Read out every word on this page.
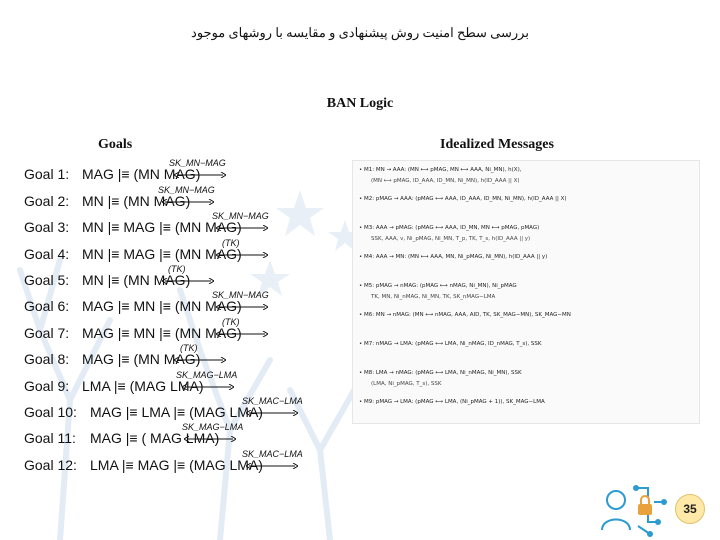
بررسی سطح امنیت روش پیشنهادی و مقایسه با روشهای موجود
BAN Logic
Goals	Idealized Messages
Goal 1: MAG |≡ (MN MAG)
SK_MN−MAG
Goal 2: MN |≡ (MN MAG)
SK_MN−MAG
Goal 3: MN |≡ MAG |≡ (MN MAG)
SK_MN−MAG
Goal 4: MN |≡ MAG |≡ (MN MAG)
(TK)
Goal 5: MN |≡ (MN MAG)
(TK)
Goal 6: MAG |≡ MN |≡ (MN MAG)
SK_MN−MAG
Goal 7: MAG |≡ MN |≡ (MN MAG)
(TK)
Goal 8: MAG |≡ (MN MAG)
(TK)
Goal 9: LMA |≡ (MAG LMA)
SK_MAG−LMA
Goal 10: MAG |≡ LMA |≡ (MAG LMA)
SK_MAC−LMA
Goal 11: MAG |≡ ( MAG LMA)
SK_MAG−LMA
Goal 12: LMA |≡ MAG |≡ (MAG LMA)
SK_MAC−LMA
• M1: MN → AAA: (MN ⟷ pMAG, MN ⟷ AAA, Ni_MN), h(X),
(MN ⟷ pMAG, ID_AAA, ID_MN, Ni_MN), h(ID_AAA || X)
• M2: pMAG → AAA: (pMAG ⟷ AAA, ID_AAA, ID_MN, Ni_MN), h(ID_AAA || X)
• M3: AAA → pMAG: (pMAG ⟷ AAA, ID_MN, MN ⟷ pMAG, pMAG)
SSK, AAA, v, Ni_pMAG, Ni_MN, T_p, TK, T_s, h(ID_AAA || y)
• M4: AAA → MN: (MN ⟷ AAA, MN, Ni_pMAG, Ni_MN), h(ID_AAA || y)
• M5: pMAG → nMAG: (pMAG ⟷ nMAG, Ni_MN), Ni_pMAG
TK, MN, Ni_nMAG, Ni_MN, TK, SK_nMAG−LMA
• M6: MN → nMAG: (MN ⟷ nMAG, AAA, AID, TK, SK_MAG−MN), SK_MAG−MN
• M7: nMAG → LMA: (pMAG ⟷ LMA, Ni_nMAG, ID_nMAG, T_s), SSK
• M8: LMA → nMAG: (pMAG ⟷ LMA, Ni_nMAG, Ni_MN), SSK
(LMA, Ni_pMAG, T_s), SSK
• M9: pMAG → LMA: (pMAG ⟷ LMA, (Ni_pMAG + 1)), SK_MAG−LMA
35
